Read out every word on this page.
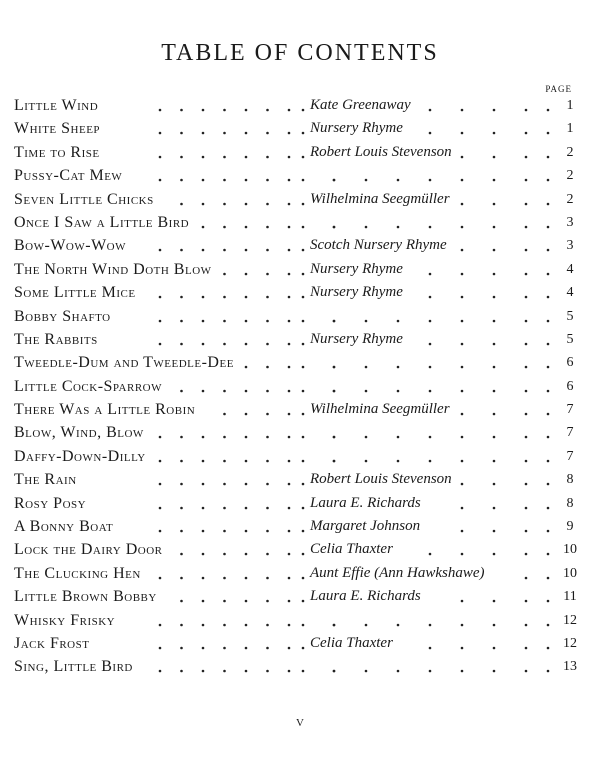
TABLE OF CONTENTS
PAGE
Little Wind	Kate Greenaway	1
White Sheep	Nursery Rhyme	1
Time to Rise	Robert Louis Stevenson	2
Pussy-Cat Mew	2
Seven Little Chicks	Wilhelmina Seegmüller	2
Once I Saw a Little Bird	3
Bow-Wow-Wow	Scotch Nursery Rhyme	3
The North Wind Doth Blow	Nursery Rhyme	4
Some Little Mice	Nursery Rhyme	4
Bobby Shafto	5
The Rabbits	Nursery Rhyme	5
Tweedle-Dum and Tweedle-Dee	6
Little Cock-Sparrow	6
There Was a Little Robin	Wilhelmina Seegmüller	7
Blow, Wind, Blow	7
Daffy-Down-Dilly	7
The Rain	Robert Louis Stevenson	8
Rosy Posy	Laura E. Richards	8
A Bonny Boat	Margaret Johnson	9
Lock the Dairy Door	Celia Thaxter	10
The Clucking Hen	Aunt Effie (Ann Hawkshawe)	10
Little Brown Bobby	Laura E. Richards	11
Whisky Frisky	12
Jack Frost	Celia Thaxter	12
Sing, Little Bird	13
v
